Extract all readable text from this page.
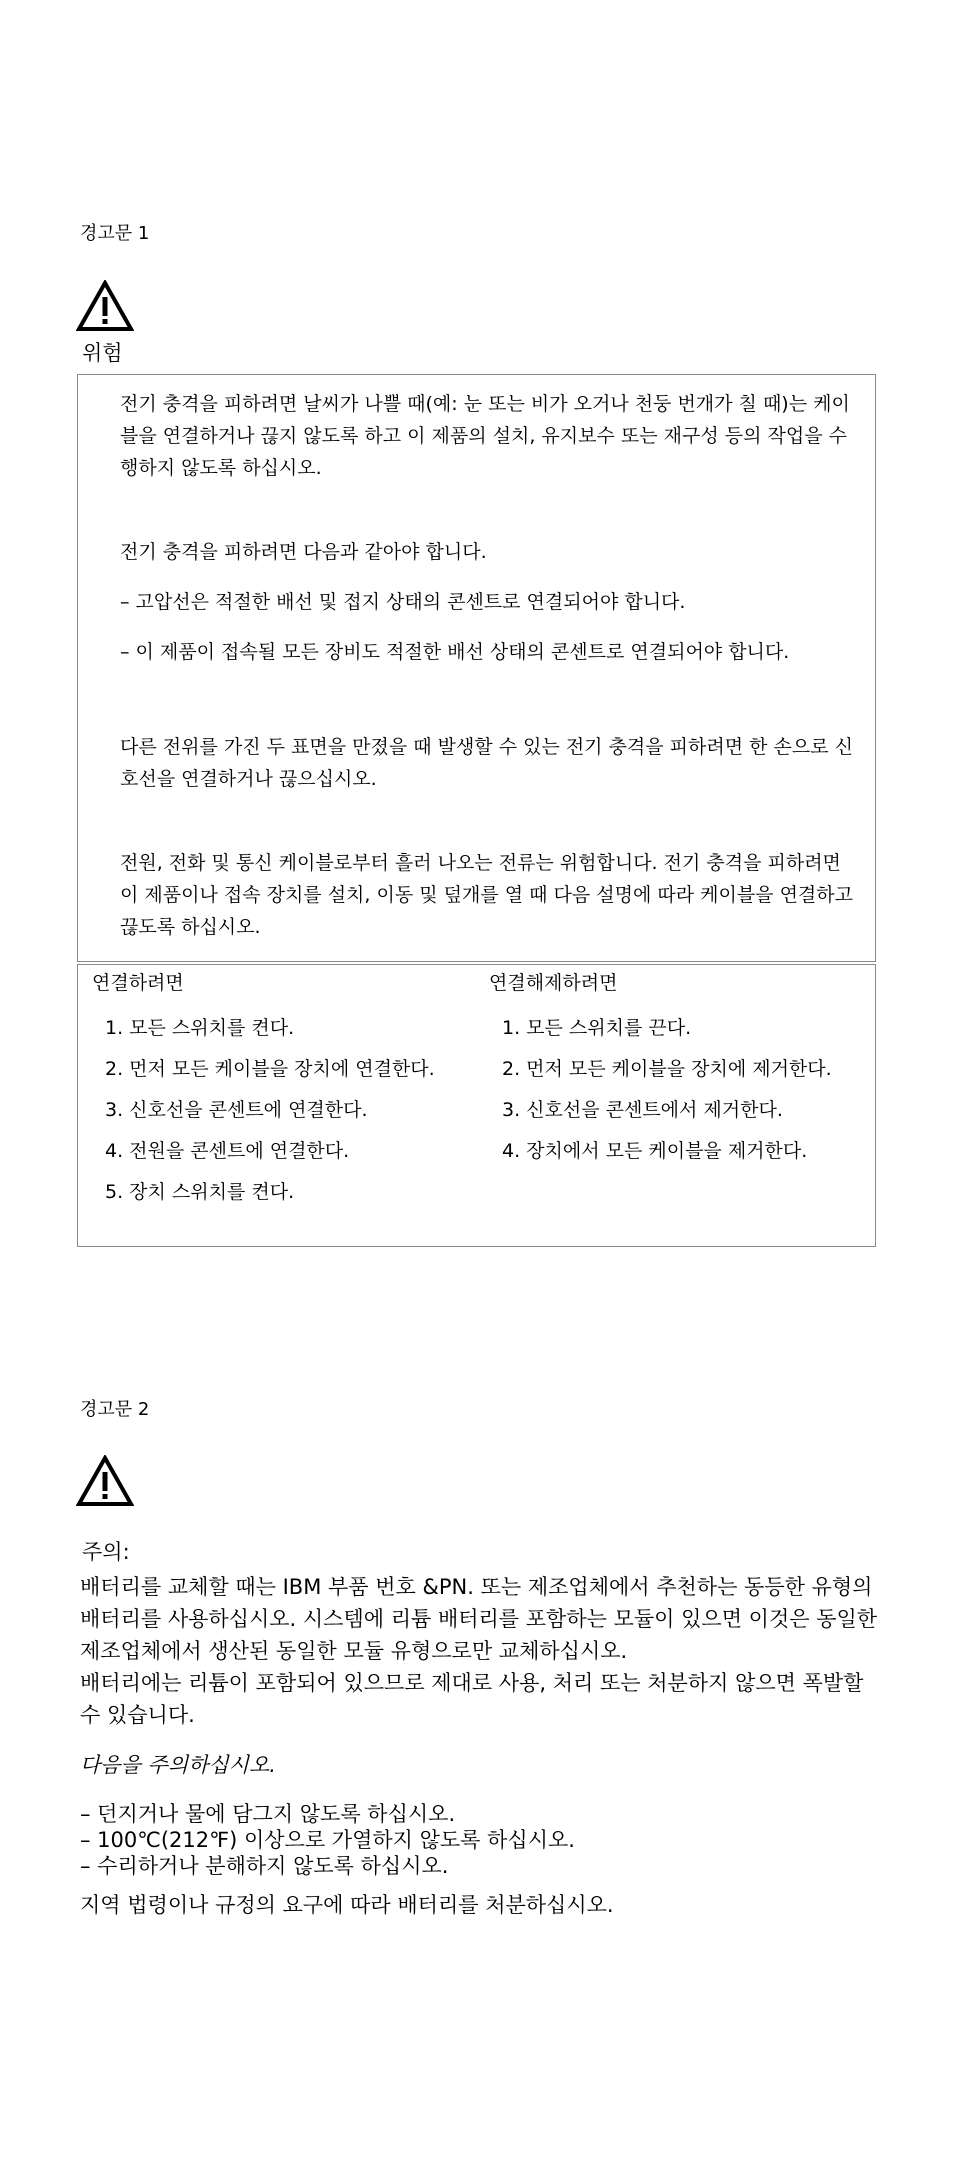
경고문 1
위험

전기 충격을 피하려면 날씨가 나쁠 때(예: 눈 또는 비가 오거나 천둥 번개가 칠 때)는 케이블을 연결하거나 끊지 않도록 하고 이 제품의 설치, 유지보수 또는 재구성 등의 작업을 수행하지 않도록 하십시오.

전기 충격을 피하려면 다음과 같아야 합니다.

– 고압선은 적절한 배선 및 접지 상태의 콘센트로 연결되어야 합니다.

– 이 제품이 접속될 모든 장비도 적절한 배선 상태의 콘센트로 연결되어야 합니다.

다른 전위를 가진 두 표면을 만졌을 때 발생할 수 있는 전기 충격을 피하려면 한 손으로 신호선을 연결하거나 끊으십시오.

전원, 전화 및 통신 케이블로부터 흘러 나오는 전류는 위험합니다. 전기 충격을 피하려면 이 제품이나 접속 장치를 설치, 이동 및 덮개를 열 때 다음 설명에 따라 케이블을 연결하고 끊도록 하십시오.

연결하려면
1. 모든 스위치를 켠다.
2. 먼저 모든 케이블을 장치에 연결한다.
3. 신호선을 콘센트에 연결한다.
4. 전원을 콘센트에 연결한다.
5. 장치 스위치를 켠다.
연결해제하려면
1. 모든 스위치를 끈다.
2. 먼저 모든 케이블을 장치에 제거한다.
3. 신호선을 콘센트에서 제거한다.
4. 장치에서 모든 케이블을 제거한다.
경고문 2
주의:

배터리를 교체할 때는 IBM 부품 번호 &PN. 또는 제조업체에서 추천하는 동등한 유형의 배터리를 사용하십시오. 시스템에 리튬 배터리를 포함하는 모듈이 있으면 이것은 동일한 제조업체에서 생산된 동일한 모듈 유형으로만 교체하십시오.

배터리에는 리튬이 포함되어 있으므로 제대로 사용, 처리 또는 처분하지 않으면 폭발할 수 있습니다.

다음을 주의하십시오.

– 던지거나 물에 담그지 않도록 하십시오.
– 100℃(212℉) 이상으로 가열하지 않도록 하십시오.
– 수리하거나 분해하지 않도록 하십시오.

지역 법령이나 규정의 요구에 따라 배터리를 처분하십시오.
